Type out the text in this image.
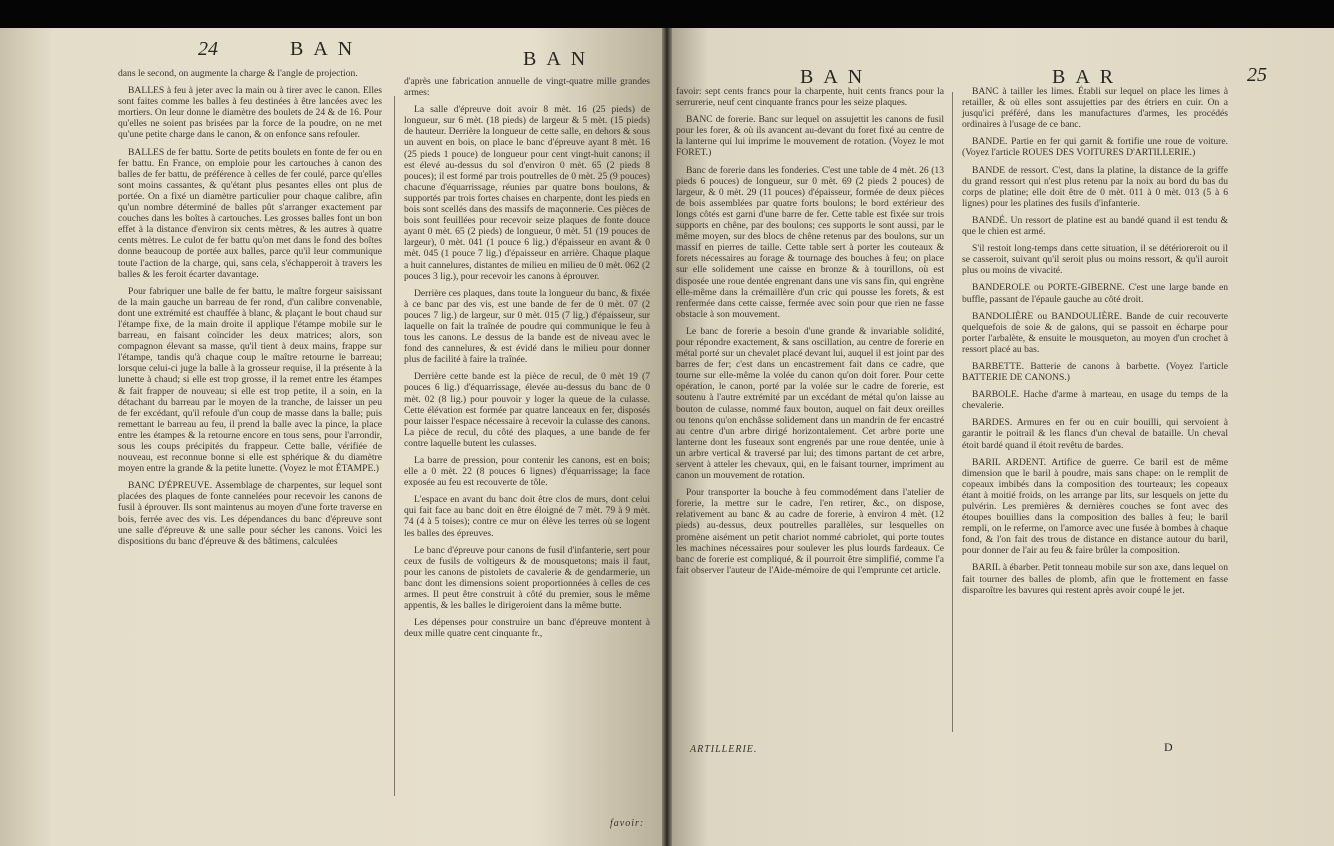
24	BAN	BAN

dans le second, on augmente la charge & l'angle de projection.

BALLES à feu à jeter avec la main ou à tirer avec le canon. Elles sont faites comme les balles à feu destinées à être lancées avec les mortiers. On leur donne le diamètre des boulets de 24 & de 16. Pour qu'elles ne soient pas brisées par la force de la poudre, on ne met qu'une petite charge dans le canon, & on enfonce sans refouler.

BALLES de fer battu. Sorte de petits boulets en fonte de fer ou en fer battu. En France, on emploie pour les cartouches à canon des balles de fer battu, de préférence à celles de fer coulé, parce qu'elles sont moins cassantes, & qu'étant plus pesantes elles ont plus de portée. On a fixé un diamètre particulier pour chaque calibre, afin qu'un nombre déterminé de balles pût s'arranger exactement par couches dans les boîtes à cartouches. Les grosses balles font un bon effet à la distance d'environ six cents mètres, & les autres à quatre cents mètres. Le culot de fer battu qu'on met dans le fond des boîtes donne beaucoup de portée aux balles, parce qu'il leur communique toute l'action de la charge, qui, sans cela, s'échapperoit à travers les balles & les feroit écarter davantage.

Pour fabriquer une balle de fer battu, le maître forgeur saisissant de la main gauche un barreau de fer rond, d'un calibre convenable, dont une extrémité est chauffée à blanc, & plaçant le bout chaud sur l'étampe fixe, de la main droite il applique l'étampe mobile sur le barreau, en faisant coïncider les deux matrices; alors, son compagnon élevant sa masse, qu'il tient à deux mains, frappe sur l'étampe, tandis qu'à chaque coup le maître retourne le barreau; lorsque celui-ci juge la balle à la grosseur requise, il la présente à la lunette à chaud; si elle est trop grosse, il la remet entre les étampes & fait frapper de nouveau; si elle est trop petite, il a soin, en la détachant du barreau par le moyen de la tranche, de laisser un peu de fer excédant, qu'il refoule d'un coup de masse dans la balle; puis remettant le barreau au feu, il prend la balle avec la pince, la place entre les étampes & la retourne encore en tous sens, pour l'arrondir, sous les coups précipités du frappeur. Cette balle, vérifiée de nouveau, est reconnue bonne si elle est sphérique & du diamètre moyen entre la grande & la petite lunette. (Voyez le mot ÉTAMPE.)

BANC D'ÉPREUVE. Assemblage de charpentes, sur lequel sont placées des plaques de fonte cannelées pour recevoir les canons de fusil à éprouver. Ils sont maintenus au moyen d'une forte traverse en bois, ferrée avec des vis. Les dépendances du banc d'épreuve sont une salle d'épreuve & une salle pour sécher les canons. Voici les dispositions du banc d'épreuve & des bâtimens, calculées

d'après une fabrication annuelle de vingt-quatre mille grandes armes:

La salle d'épreuve doit avoir 8 mèt. 16 (25 pieds) de longueur, sur 6 mèt. (18 pieds) de largeur & 5 mèt. (15 pieds) de hauteur. Derrière la longueur de cette salle, en dehors & sous un auvent en bois, on place le banc d'épreuve ayant 8 mèt. 16 (25 pieds 1 pouce) de longueur pour cent vingt-huit canons; il est élevé au-dessus du sol d'environ 0 mèt. 65 (2 pieds 8 pouces); il est formé par trois poutrelles de 0 mèt. 25 (9 pouces) chacune d'équarrissage, réunies par quatre bons boulons, & supportés par trois fortes chaises en charpente, dont les pieds en bois sont scellés dans des massifs de maçonnerie. Ces pièces de bois sont feuillées pour recevoir seize plaques de fonte douce ayant 0 mèt. 65 (2 pieds) de longueur, 0 mèt. 51 (19 pouces de largeur), 0 mèt. 041 (1 pouce 6 lig.) d'épaisseur en avant & 0 mèt. 045 (1 pouce 7 lig.) d'épaisseur en arrière. Chaque plaque a huit cannelures, distantes de milieu en milieu de 0 mèt. 062 (2 pouces 3 lig.), pour recevoir les canons à éprouver.

Derrière ces plaques, dans toute la longueur du banc, & fixée à ce banc par des vis, est une bande de fer de 0 mèt. 07 (2 pouces 7 lig.) de largeur, sur 0 mèt. 015 (7 lig.) d'épaisseur, sur laquelle on fait la traînée de poudre qui communique le feu à tous les canons. Le dessus de la bande est de niveau avec le fond des cannelures, & est évidé dans le milieu pour donner plus de facilité à faire la traînée.

Derrière cette bande est la pièce de recul, de 0 mèt 19 (7 pouces 6 lig.) d'équarrissage, élevée au-dessus du banc de 0 mèt. 02 (8 lig.) pour pouvoir y loger la queue de la culasse. Cette élévation est formée par quatre lanceaux en fer, disposés pour laisser l'espace nécessaire à recevoir la culasse des canons. La pièce de recul, du côté des plaques, a une bande de fer contre laquelle butent les culasses.

La barre de pression, pour contenir les canons, est en bois; elle a 0 mèt. 22 (8 pouces 6 lignes) d'équarrissage; la face exposée au feu est recouverte de tôle.

L'espace en avant du banc doit être clos de murs, dont celui qui fait face au banc doit en être éloigné de 7 mèt. 79 à 9 mèt. 74 (4 à 5 toises); contre ce mur on élève les terres où se logent les balles des épreuves.

Le banc d'épreuve pour canons de fusil d'infanterie, sert pour ceux de fusils de voltigeurs & de mousquetons; mais il faut, pour les canons de pistolets de cavalerie & de gendarmerie, un banc dont les dimensions soient proportionnées à celles de ces armes. Il peut être construit à côté du premier, sous le même appentis, & les balles le dirigeroient dans la même butte.

Les dépenses pour construire un banc d'épreuve montent à deux mille quatre cent cinquante fr.,

favoir:
BAN	BAR	25

favoir: sept cents francs pour la charpente, huit cents francs pour la serrurerie, neuf cent cinquante francs pour les seize plaques.

BANC de forerie. Banc sur lequel on assujettit les canons de fusil pour les forer, & où ils avancent au-devant du foret fixé au centre de la lanterne qui lui imprime le mouvement de rotation. (Voyez le mot FORET.)

Banc de forerie dans les fonderies. C'est une table de 4 mèt. 26 (13 pieds 6 pouces) de longueur, sur 0 mèt. 69 (2 pieds 2 pouces) de largeur, & 0 mèt. 29 (11 pouces) d'épaisseur, formée de deux pièces de bois assemblées par quatre forts boulons; le bord extérieur des longs côtés est garni d'une barre de fer. Cette table est fixée sur trois supports en chêne, par des boulons; ces supports le sont aussi, par le même moyen, sur des blocs de chêne retenus par des boulons, sur un massif en pierres de taille. Cette table sert à porter les couteaux & forets nécessaires au forage & tournage des bouches à feu; on place sur elle solidement une caisse en bronze & à tourillons, où est disposée une roue dentée engrenant dans une vis sans fin, qui engrène elle-même dans la crémaillère d'un cric qui pousse les forets, & est renfermée dans cette caisse, fermée avec soin pour que rien ne fasse obstacle à son mouvement.

Le banc de forerie a besoin d'une grande & invariable solidité, pour répondre exactement, & sans oscillation, au centre de forerie en métal porté sur un chevalet placé devant lui, auquel il est joint par des barres de fer; c'est dans un encastrement fait dans ce cadre, que tourne sur elle-même la volée du canon qu'on doit forer. Pour cette opération, le canon, porté par la volée sur le cadre de forerie, est soutenu à l'autre extrémité par un excédant de métal qu'on laisse au bouton de culasse, nommé faux bouton, auquel on fait deux oreilles ou tenons qu'on enchâsse solidement dans un mandrin de fer encastré au centre d'un arbre dirigé horizontalement. Cet arbre porte une lanterne dont les fuseaux sont engrenés par une roue dentée, unie à un arbre vertical & traversé par lui; des timons partant de cet arbre, servent à atteler les chevaux, qui, en le faisant tourner, impriment au canon un mouvement de rotation.

Pour transporter la bouche à feu commodément dans l'atelier de forerie, la mettre sur le cadre, l'en retirer, &c., on dispose, relativement au banc & au cadre de forerie, à environ 4 mèt. (12 pieds) au-dessus, deux poutrelles parallèles, sur lesquelles on promène aisément un petit chariot nommé cabriolet, qui porte toutes les machines nécessaires pour soulever les plus lourds fardeaux. Ce banc de forerie est compliqué, & il pourroit être simplifié, comme l'a fait observer l'auteur de l'Aide-mémoire de qui l'emprunte cet article.

ARTILLERIE.

BANC à tailler les limes. Établi sur lequel on place les limes à retailler, & où elles sont assujetties par des étriers en cuir. On a jusqu'ici préféré, dans les manufactures d'armes, les procédés ordinaires à l'usage de ce banc.

BANDE. Partie en fer qui garnit & fortifie une roue de voiture. (Voyez l'article ROUES DES VOITURES D'ARTILLERIE.)

BANDE de ressort. C'est, dans la platine, la distance de la griffe du grand ressort qui n'est plus retenu par la noix au bord du bas du corps de platine; elle doit être de 0 mèt. 011 à 0 mèt. 013 (5 à 6 lignes) pour les platines des fusils d'infanterie.

BANDÉ. Un ressort de platine est au bandé quand il est tendu & que le chien est armé.

S'il restoit long-temps dans cette situation, il se détérioreroit ou il se casseroit, suivant qu'il seroit plus ou moins ressort, & qu'il auroit plus ou moins de vivacité.

BANDEROLE ou PORTE-GIBERNE. C'est une large bande en buffle, passant de l'épaule gauche au côté droit.

BANDOLIÈRE ou BANDOULIÈRE. Bande de cuir recouverte quelquefois de soie & de galons, qui se passoit en écharpe pour porter l'arbalète, & ensuite le mousqueton, au moyen d'un crochet à ressort placé au bas.

BARBETTE. Batterie de canons à barbette. (Voyez l'article BATTERIE DE CANONS.)

BARBOLE. Hache d'arme à marteau, en usage du temps de la chevalerie.

BARDES. Armures en fer ou en cuir bouilli, qui servoient à garantir le poitrail & les flancs d'un cheval de bataille. Un cheval étoit bardé quand il étoit revêtu de bardes.

BARIL ARDENT. Artifice de guerre. Ce baril est de même dimension que le baril à poudre, mais sans chape: on le remplit de copeaux imbibés dans la composition des tourteaux; les copeaux étant à moitié froids, on les arrange par lits, sur lesquels on jette du pulvérin. Les premières & dernières couches se font avec des étoupes bouillies dans la composition des balles à feu; le baril rempli, on le referme, on l'amorce avec une fusée à bombes à chaque fond, & l'on fait des trous de distance en distance autour du baril, pour donner de l'air au feu & faire brûler la composition.

BARIL à ébarber. Petit tonneau mobile sur son axe, dans lequel on fait tourner des balles de plomb, afin que le frottement en fasse disparoître les bavures qui restent après avoir coupé le jet.

D
